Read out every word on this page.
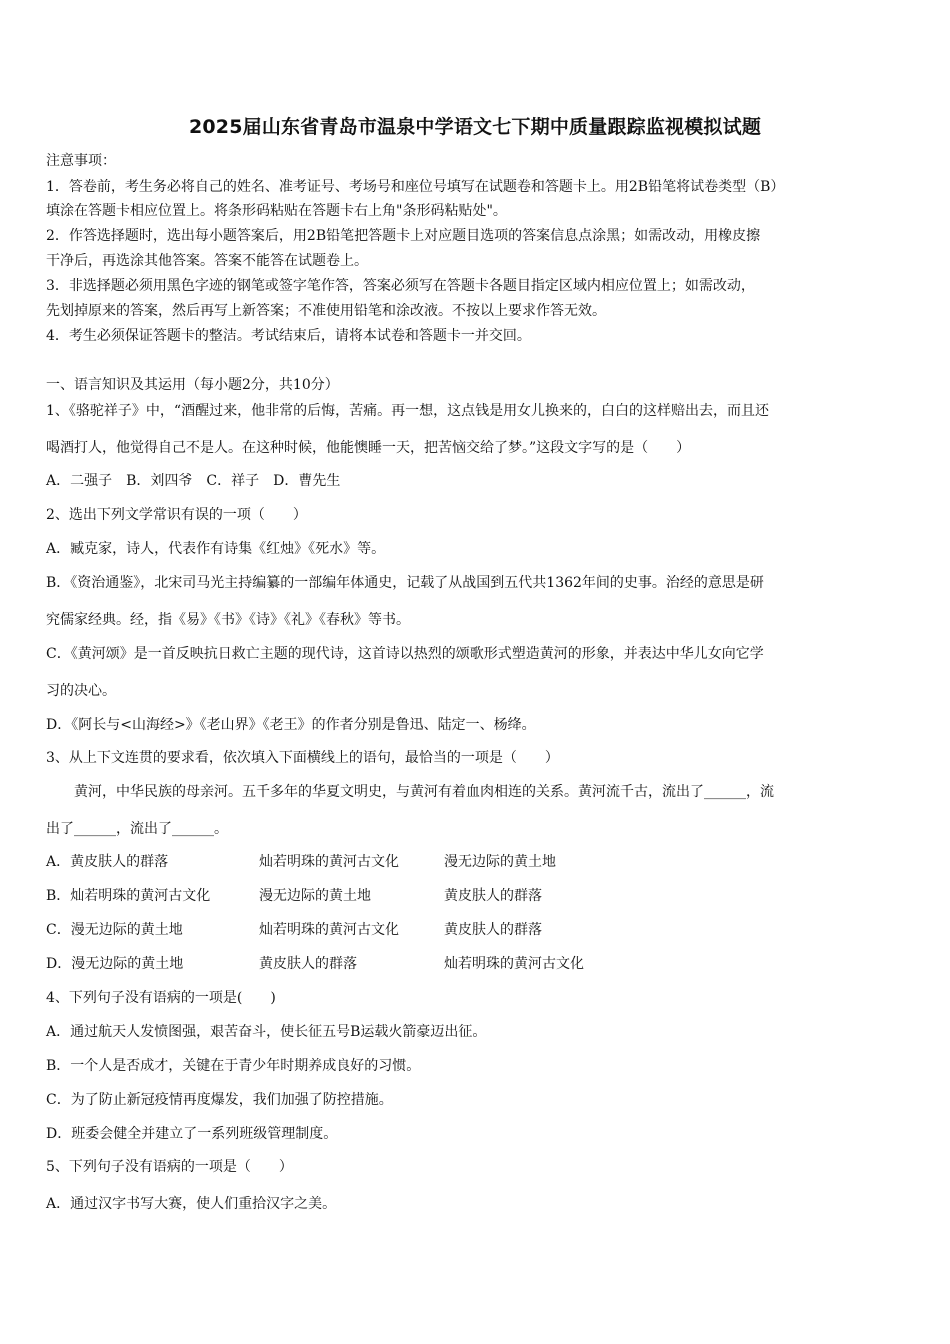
2025届山东省青岛市温泉中学语文七下期中质量跟踪监视模拟试题
注意事项：
1．答卷前，考生务必将自己的姓名、准考证号、考场号和座位号填写在试题卷和答题卡上。用2B铅笔将试卷类型（B）
填涂在答题卡相应位置上。将条形码粘贴在答题卡右上角"条形码粘贴处"。
2．作答选择题时，选出每小题答案后，用2B铅笔把答题卡上对应题目选项的答案信息点涂黑；如需改动，用橡皮擦
干净后，再选涂其他答案。答案不能答在试题卷上。
3．非选择题必须用黑色字迹的钢笔或签字笔作答，答案必须写在答题卡各题目指定区域内相应位置上；如需改动，
先划掉原来的答案，然后再写上新答案；不准使用铅笔和涂改液。不按以上要求作答无效。
4．考生必须保证答题卡的整洁。考试结束后，请将本试卷和答题卡一并交回。
一、语言知识及其运用（每小题2分，共10分）
1、《骆驼祥子》中，“酒醒过来，他非常的后悔，苦痛。再一想，这点钱是用女儿换来的，白白的这样赔出去，而且还
喝酒打人，他觉得自己不是人。在这种时候，他能懊睡一天，把苦恼交给了梦。”这段文字写的是（　　）
A．二强子　B．刘四爷　C．祥子　D．曹先生
2、选出下列文学常识有误的一项（　　）
A．臧克家，诗人，代表作有诗集《红烛》《死水》等。
B．《资治通鉴》，北宋司马光主持编纂的一部编年体通史，记载了从战国到五代共1362年间的史事。治经的意思是研
究儒家经典。经，指《易》《书》《诗》《礼》《春秋》等书。
C．《黄河颂》是一首反映抗日救亡主题的现代诗，这首诗以热烈的颂歌形式塑造黄河的形象，并表达中华儿女向它学
习的决心。
D．《阿长与<山海经>》《老山界》《老王》的作者分别是鲁迅、陆定一、杨绛。
3、从上下文连贯的要求看，依次填入下面横线上的语句，最恰当的一项是（　　）
　　黄河，中华民族的母亲河。五千多年的华夏文明史，与黄河有着血肉相连的关系。黄河流千古，流出了______，流
出了______，流出了______。
A．黄皮肤人的群落	灿若明珠的黄河古文化	漫无边际的黄土地
B．灿若明珠的黄河古文化	漫无边际的黄土地	黄皮肤人的群落
C．漫无边际的黄土地	灿若明珠的黄河古文化	黄皮肤人的群落
D．漫无边际的黄土地	黄皮肤人的群落	灿若明珠的黄河古文化
4、下列句子没有语病的一项是(　　)
A．通过航天人发愤图强，艰苦奋斗，使长征五号B运载火箭豪迈出征。
B．一个人是否成才，关键在于青少年时期养成良好的习惯。
C．为了防止新冠疫情再度爆发，我们加强了防控措施。
D．班委会健全并建立了一系列班级管理制度。
5、下列句子没有语病的一项是（　　）
A．通过汉字书写大赛，使人们重拾汉字之美。
